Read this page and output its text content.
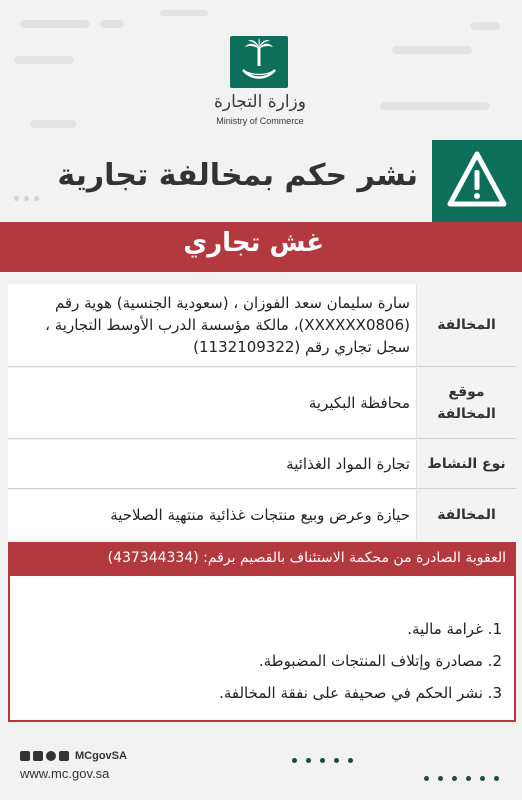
وزارة التجارة
Ministry of Commerce
نشر حكم بمخالفة تجارية
غش تجاري
المخالفة
سارة سليمان سعد الفوزان ، (سعودية الجنسية) هوية رقم (XXXXXX0806)، مالكة مؤسسة الدرب الأوسط التجارية ، سجل تجاري رقم (1132109322)
موقع المخالفة
محافظة البكيرية
نوع النشاط
تجارة المواد الغذائية
المخالفة
حيازة وعرض وبيع منتجات غذائية منتهية الصلاحية
العقوبة الصادرة من محكمة الاستئناف بالقصيم برقم: (437344334)
1. غرامة مالية.
2. مصادرة وإتلاف المنتجات المضبوطة.
3. نشر الحكم في صحيفة على نفقة المخالفة.
MCgovSA
www.mc.gov.sa
